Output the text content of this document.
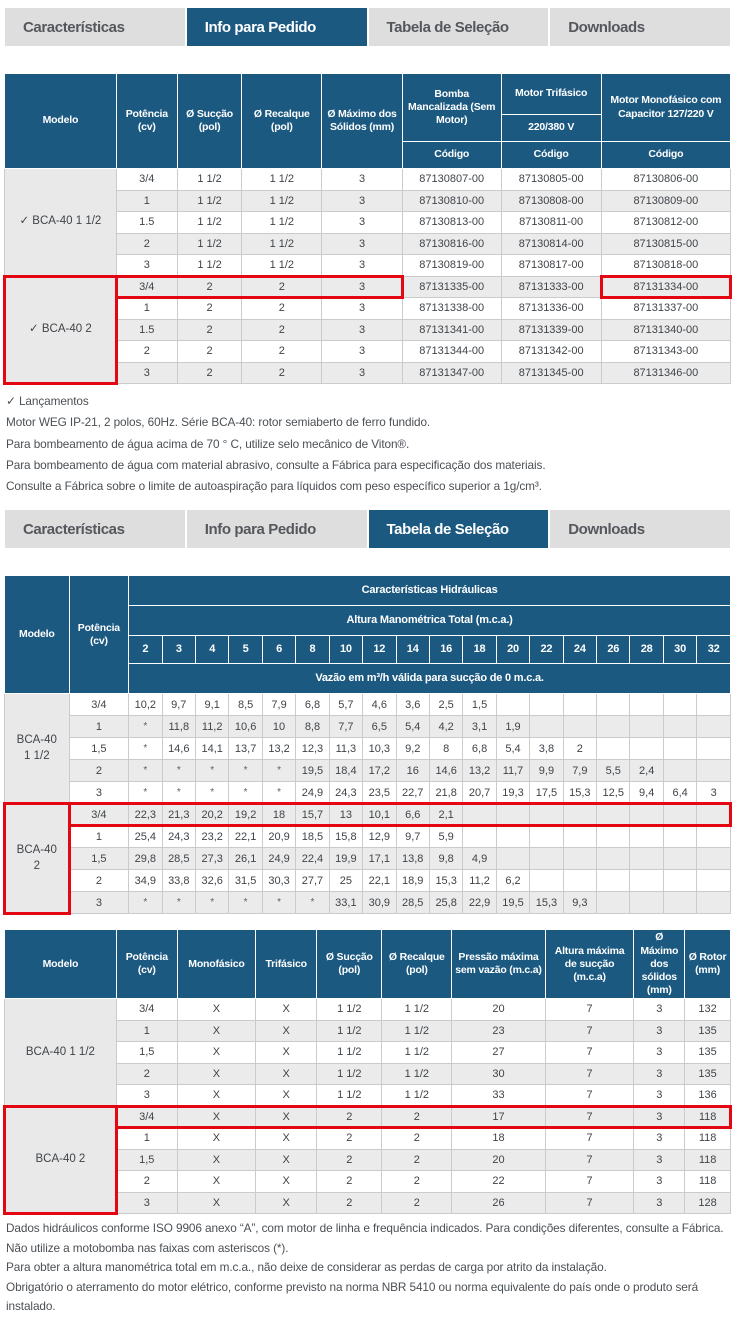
Características	Info para Pedido	Tabela de Seleção	Downloads
Modelo	Potência (cv)	Ø Sucção (pol)	Ø Recalque (pol)	Ø Máximo dos Sólidos (mm)	Bomba Mancalizada (Sem Motor)	Motor Trifásico	Motor Monofásico com Capacitor 127/220 V
						220/380 V	
					Código	Código	Código
✓ BCA-40 1 1/2	3/4	1 1/2	1 1/2	3	87130807-00	87130805-00	87130806-00
	1	1 1/2	1 1/2	3	87130810-00	87130808-00	87130809-00
	1.5	1 1/2	1 1/2	3	87130813-00	87130811-00	87130812-00
	2	1 1/2	1 1/2	3	87130816-00	87130814-00	87130815-00
	3	1 1/2	1 1/2	3	87130819-00	87130817-00	87130818-00
✓ BCA-40 2	3/4	2	2	3	87131335-00	87131333-00	87131334-00
	1	2	2	3	87131338-00	87131336-00	87131337-00
	1.5	2	2	3	87131341-00	87131339-00	87131340-00
	2	2	2	3	87131344-00	87131342-00	87131343-00
	3	2	2	3	87131347-00	87131345-00	87131346-00
✓ Lançamentos
Motor WEG IP-21, 2 polos, 60Hz. Série BCA-40: rotor semiaberto de ferro fundido.
Para bombeamento de água acima de 70 ° C, utilize selo mecânico de Viton®.
Para bombeamento de água com material abrasivo, consulte a Fábrica para especificação dos materiais.
Consulte a Fábrica sobre o limite de autoaspiração para líquidos com peso específico superior a 1g/cm³.
Características	Info para Pedido	Tabela de Seleção	Downloads
Modelo	Potência (cv)	Características Hidráulicas																	
		Altura Manométrica Total (m.c.a.)																	
		2	3	4	5	6	8	10	12	14	16	18	20	22	24	26	28	30	32
		Vazão em m³/h válida para sucção de 0 m.c.a.																	
BCA-40
1 1/2	3/4	10,2	9,7	9,1	8,5	7,9	6,8	5,7	4,6	3,6	2,5	1,5							
	1	*	11,8	11,2	10,6	10	8,8	7,7	6,5	5,4	4,2	3,1	1,9						
	1,5	*	14,6	14,1	13,7	13,2	12,3	11,3	10,3	9,2	8	6,8	5,4	3,8	2				
	2	*	*	*	*	*	19,5	18,4	17,2	16	14,6	13,2	11,7	9,9	7,9	5,5	2,4		
	3	*	*	*	*	*	24,9	24,3	23,5	22,7	21,8	20,7	19,3	17,5	15,3	12,5	9,4	6,4	3
BCA-40
2	3/4	22,3	21,3	20,2	19,2	18	15,7	13	10,1	6,6	2,1								
	1	25,4	24,3	23,2	22,1	20,9	18,5	15,8	12,9	9,7	5,9								
	1,5	29,8	28,5	27,3	26,1	24,9	22,4	19,9	17,1	13,8	9,8	4,9							
	2	34,9	33,8	32,6	31,5	30,3	27,7	25	22,1	18,9	15,3	11,2	6,2						
	3	*	*	*	*	*	*	33,1	30,9	28,5	25,8	22,9	19,5	15,3	9,3				
Modelo	Potência (cv)	Monofásico	Trifásico	Ø Sucção (pol)	Ø Recalque (pol)	Pressão máxima sem vazão (m.c.a)	Altura máxima de sucção (m.c.a)	Ø Máximo dos sólidos (mm)	Ø Rotor (mm)
BCA-40 1 1/2	3/4	X	X	1 1/2	1 1/2	20	7	3	132
	1	X	X	1 1/2	1 1/2	23	7	3	135
	1,5	X	X	1 1/2	1 1/2	27	7	3	135
	2	X	X	1 1/2	1 1/2	30	7	3	135
	3	X	X	1 1/2	1 1/2	33	7	3	136
BCA-40 2	3/4	X	X	2	2	17	7	3	118
	1	X	X	2	2	18	7	3	118
	1,5	X	X	2	2	20	7	3	118
	2	X	X	2	2	22	7	3	118
	3	X	X	2	2	26	7	3	128
Dados hidráulicos conforme ISO 9906 anexo “A”, com motor de linha e frequência indicados. Para condições diferentes, consulte a Fábrica.
Não utilize a motobomba nas faixas com asteriscos (*).
Para obter a altura manométrica total em m.c.a., não deixe de considerar as perdas de carga por atrito da instalação.
Obrigatório o aterramento do motor elétrico, conforme previsto na norma NBR 5410 ou norma equivalente do país onde o produto será instalado.
